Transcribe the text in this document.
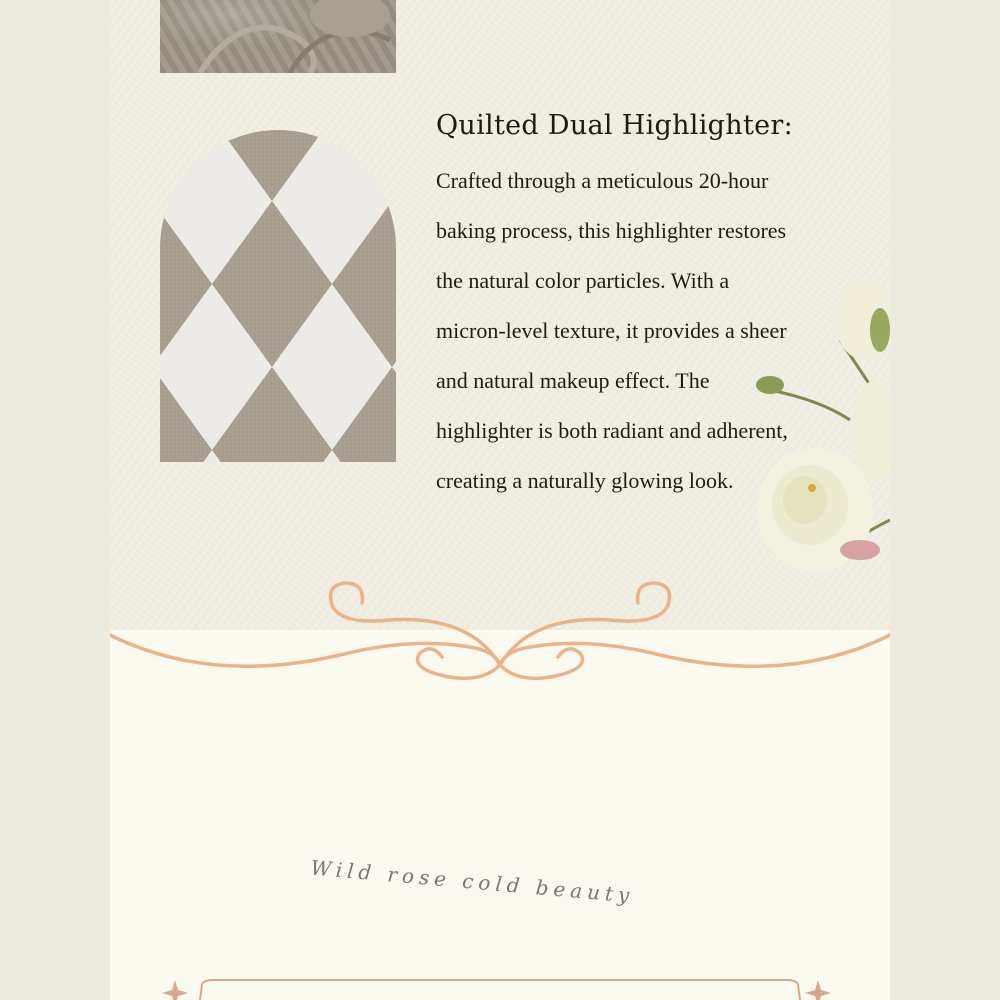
Quilted Dual Highlighter:
Crafted through a meticulous 20-hour
baking process, this highlighter restores
the natural color particles. With a
micron-level texture, it provides a sheer
and natural makeup effect. The
highlighter is both radiant and adherent,
creating a naturally glowing look.
Wild rose cold beauty
